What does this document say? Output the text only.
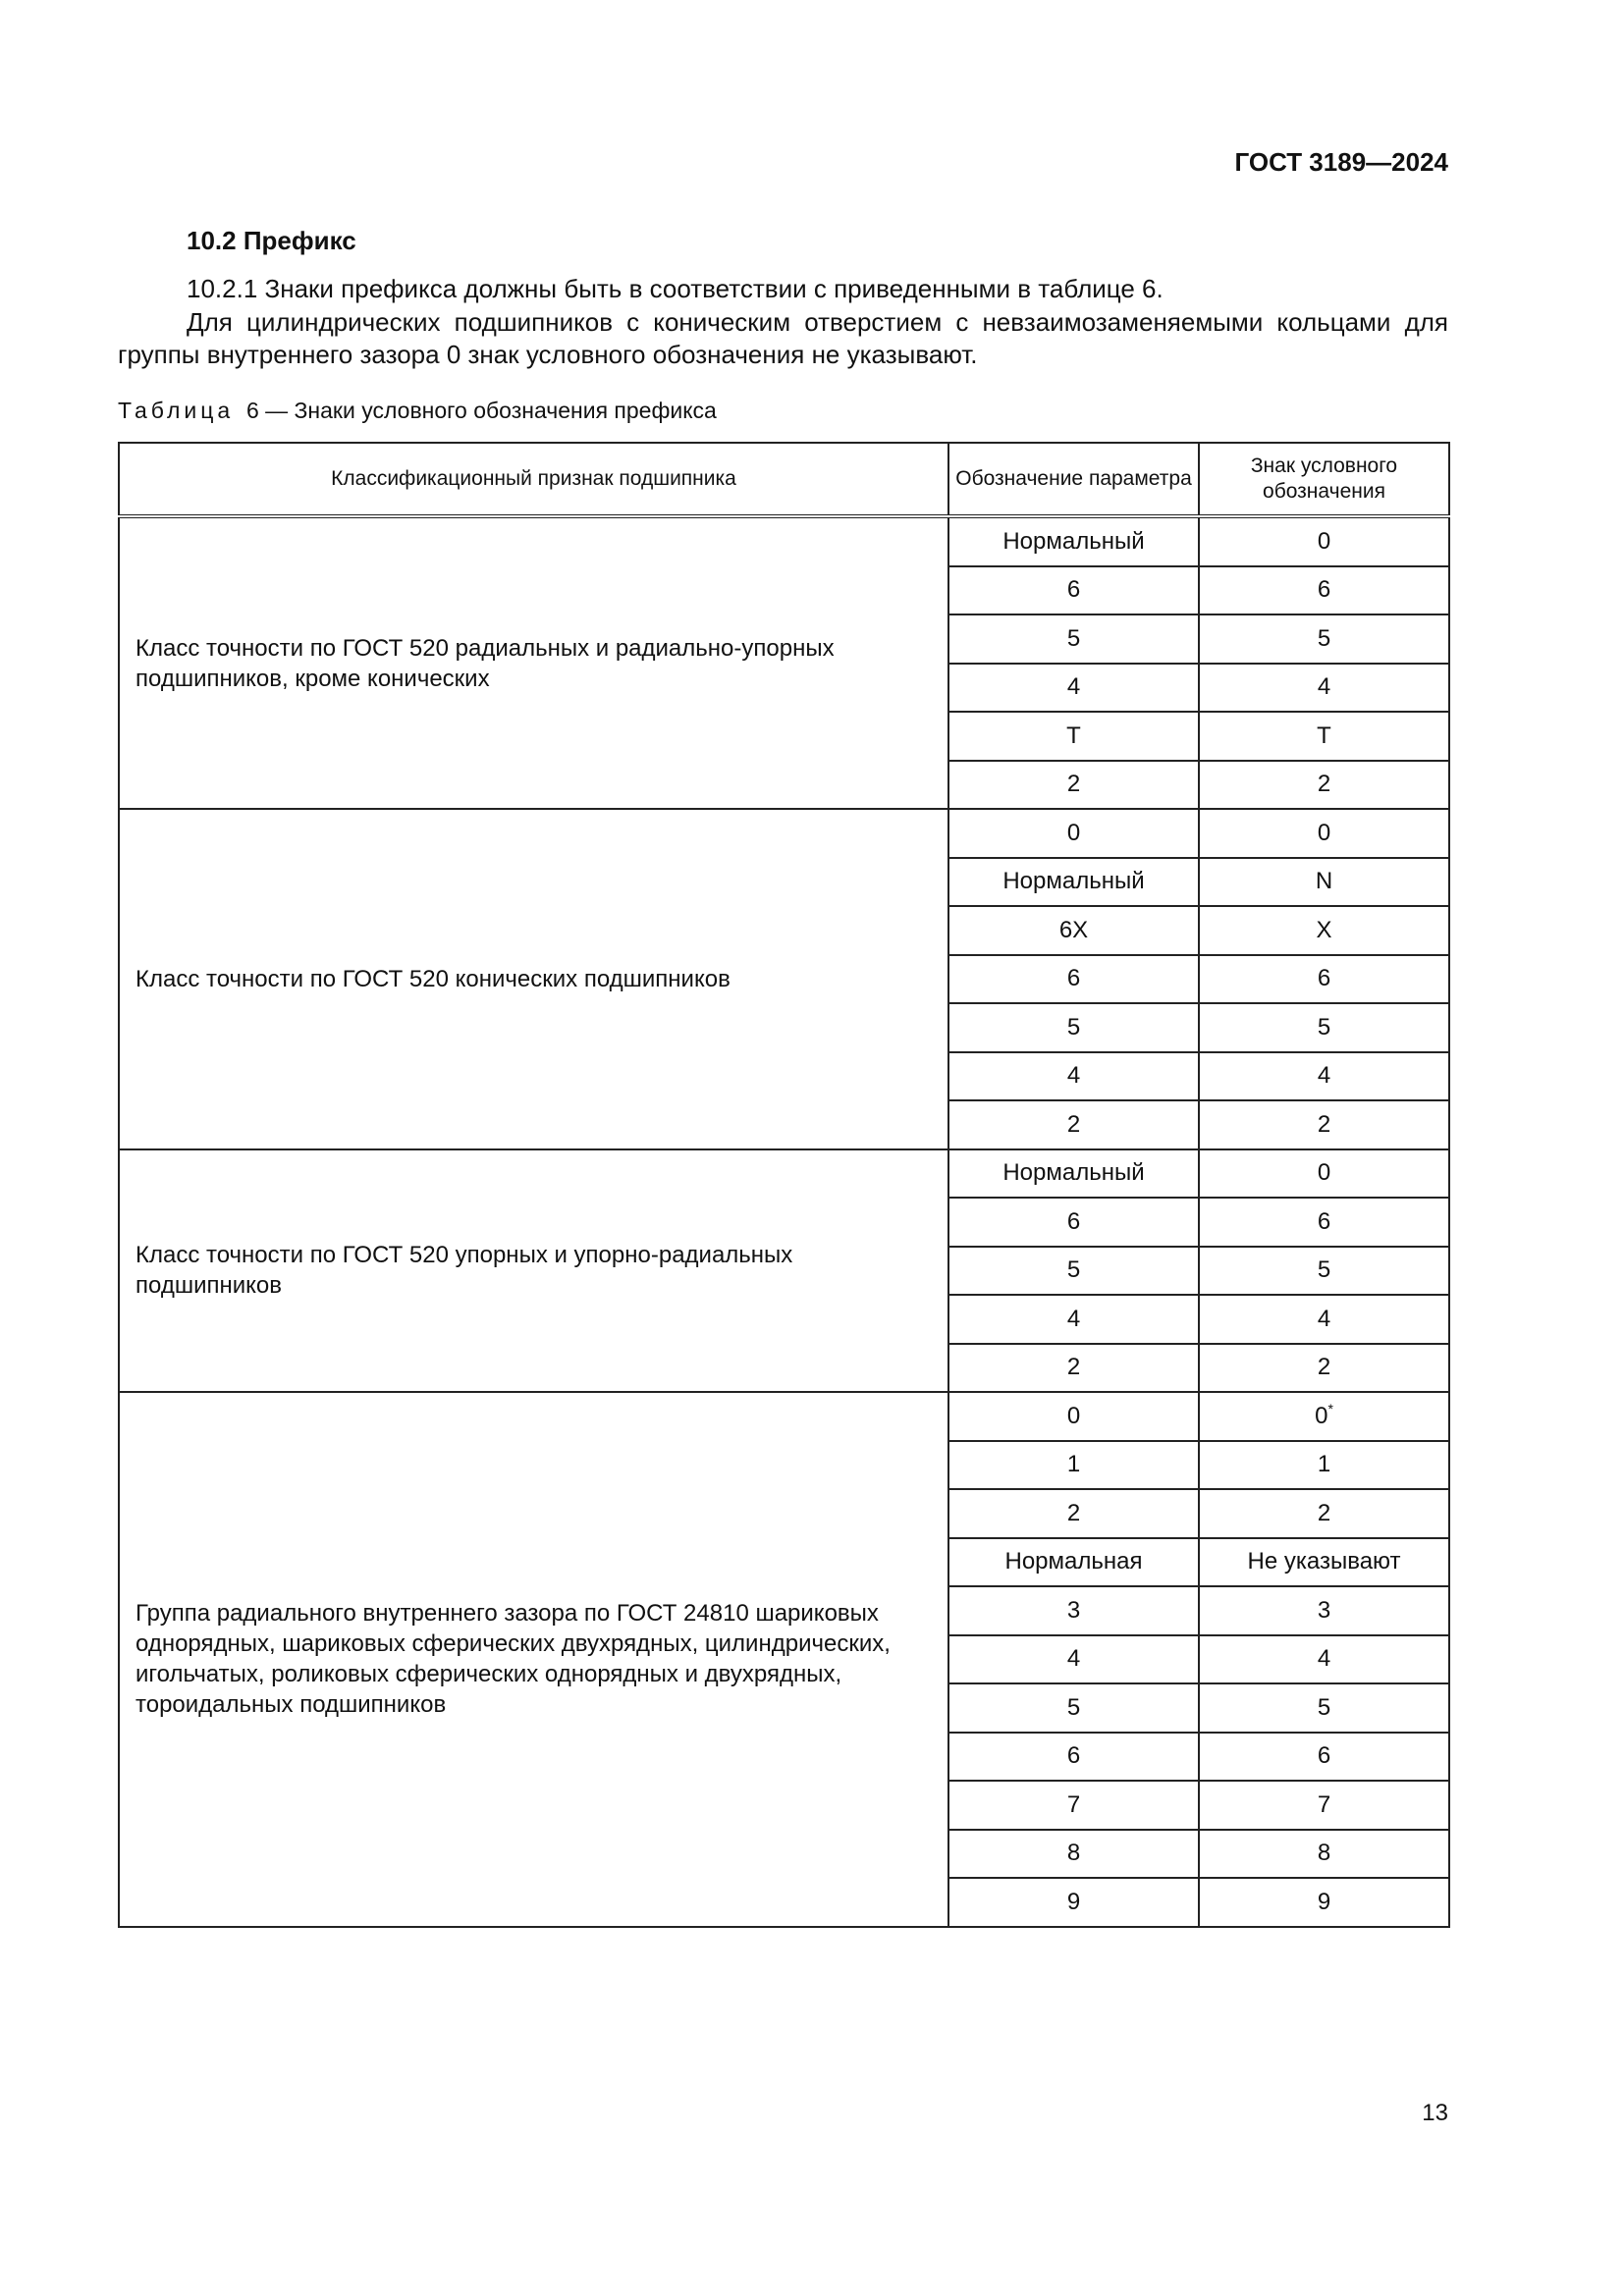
ГОСТ 3189—2024
10.2 Префикс
10.2.1 Знаки префикса должны быть в соответствии с приведенными в таблице 6.

Для цилиндрических подшипников с коническим отверстием с невзаимозаменяемыми кольцами для группы внутреннего зазора 0 знак условного обозначения не указывают.

Таблица 6 — Знаки условного обозначения префикса
Классификационный признак подшипника	Обозначение параметра	Знак условного обозначения
Класс точности по ГОСТ 520 радиальных и радиально-упорных подшипников, кроме конических	Нормальный	0
	6	6
	5	5
	4	4
	Т	Т
	2	2
Класс точности по ГОСТ 520 конических подшипников	0	0
	Нормальный	N
	6X	X
	6	6
	5	5
	4	4
	2	2
Класс точности по ГОСТ 520 упорных и упорно-радиальных подшипников	Нормальный	0
	6	6
	5	5
	4	4
	2	2
Группа радиального внутреннего зазора по ГОСТ 24810 шариковых однорядных, шариковых сферических двухрядных, цилиндрических, игольчатых, роликовых сферических однорядных и двухрядных, тороидальных подшипников	0	0*
	1	1
	2	2
	Нормальная	Не указывают
	3	3
	4	4
	5	5
	6	6
	7	7
	8	8
	9	9
13
